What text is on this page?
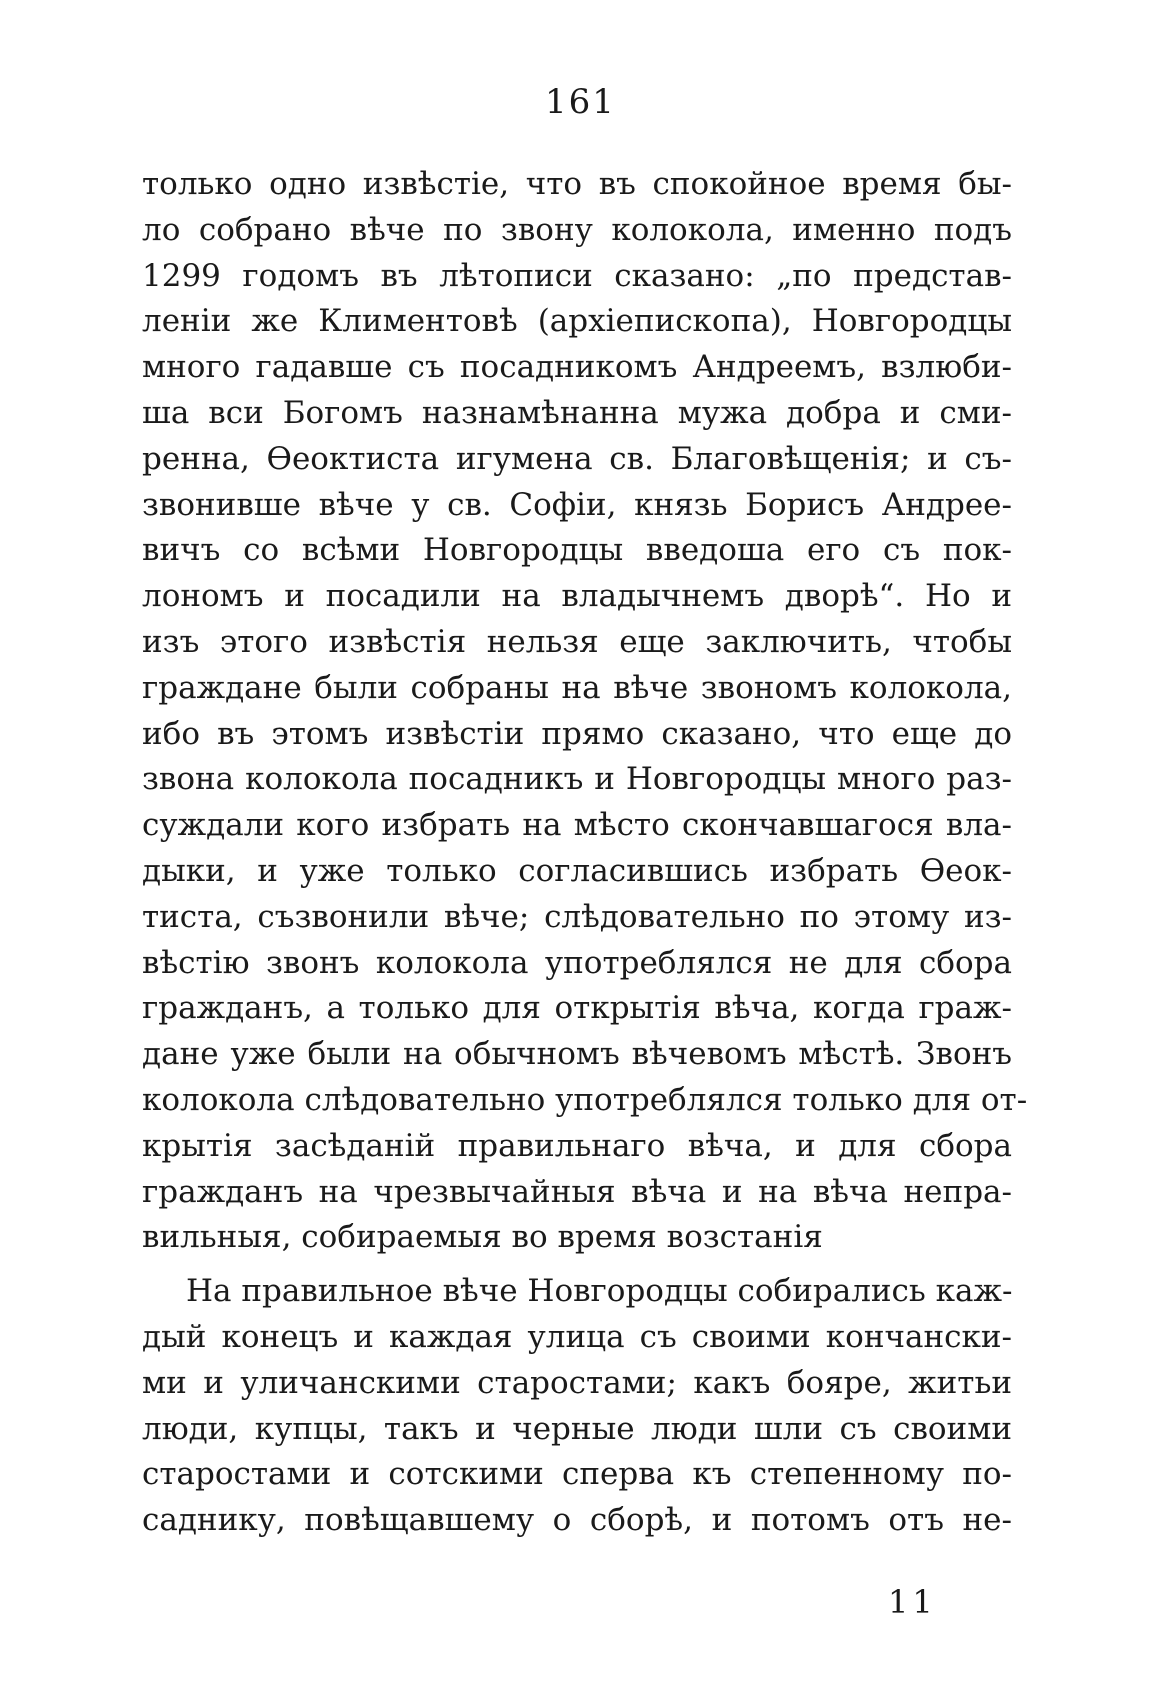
161
только одно извѣстіе, что въ спокойное время бы-
ло собрано вѣче по звону колокола, именно подъ
1299 годомъ въ лѣтописи сказано: „по представ-
леніи же Климентовѣ (архіепископа), Новгородцы
много гадавше съ посадникомъ Андреемъ, взлюби-
ша вси Богомъ назнамѣнанна мужа добра и сми-
ренна, Ѳеоктиста игумена св. Благовѣщенія; и съ-
звонивше вѣче у св. Софіи, князь Борисъ Андрее-
вичъ со всѣми Новгородцы введоша его съ пок-
лономъ и посадили на владычнемъ дворѣ“. Но и
изъ этого извѣстія нельзя еще заключить, чтобы
граждане были собраны на вѣче звономъ колокола,
ибо въ этомъ извѣстіи прямо сказано, что еще до
звона колокола посадникъ и Новгородцы много раз-
суждали кого избрать на мѣсто скончавшагося вла-
дыки, и уже только согласившись избрать Ѳеок-
тиста, съзвонили вѣче; слѣдовательно по этому из-
вѣстію звонъ колокола употреблялся не для сбора
гражданъ, а только для открытія вѣча, когда граж-
дане уже были на обычномъ вѣчевомъ мѣстѣ. Звонъ
колокола слѣдовательно употреблялся только для от-
крытія засѣданій правильнаго вѣча, и для сбора
гражданъ на чрезвычайныя вѣча и на вѣча непра-
вильныя, собираемыя во время возстанія
На правильное вѣче Новгородцы собирались каж-
дый конецъ и каждая улица съ своими кончански-
ми и уличанскими старостами; какъ бояре, житьи
люди, купцы, такъ и черные люди шли съ своими
старостами и сотскими сперва къ степенному по-
саднику, повѣщавшему о сборѣ, и потомъ отъ не-
11
